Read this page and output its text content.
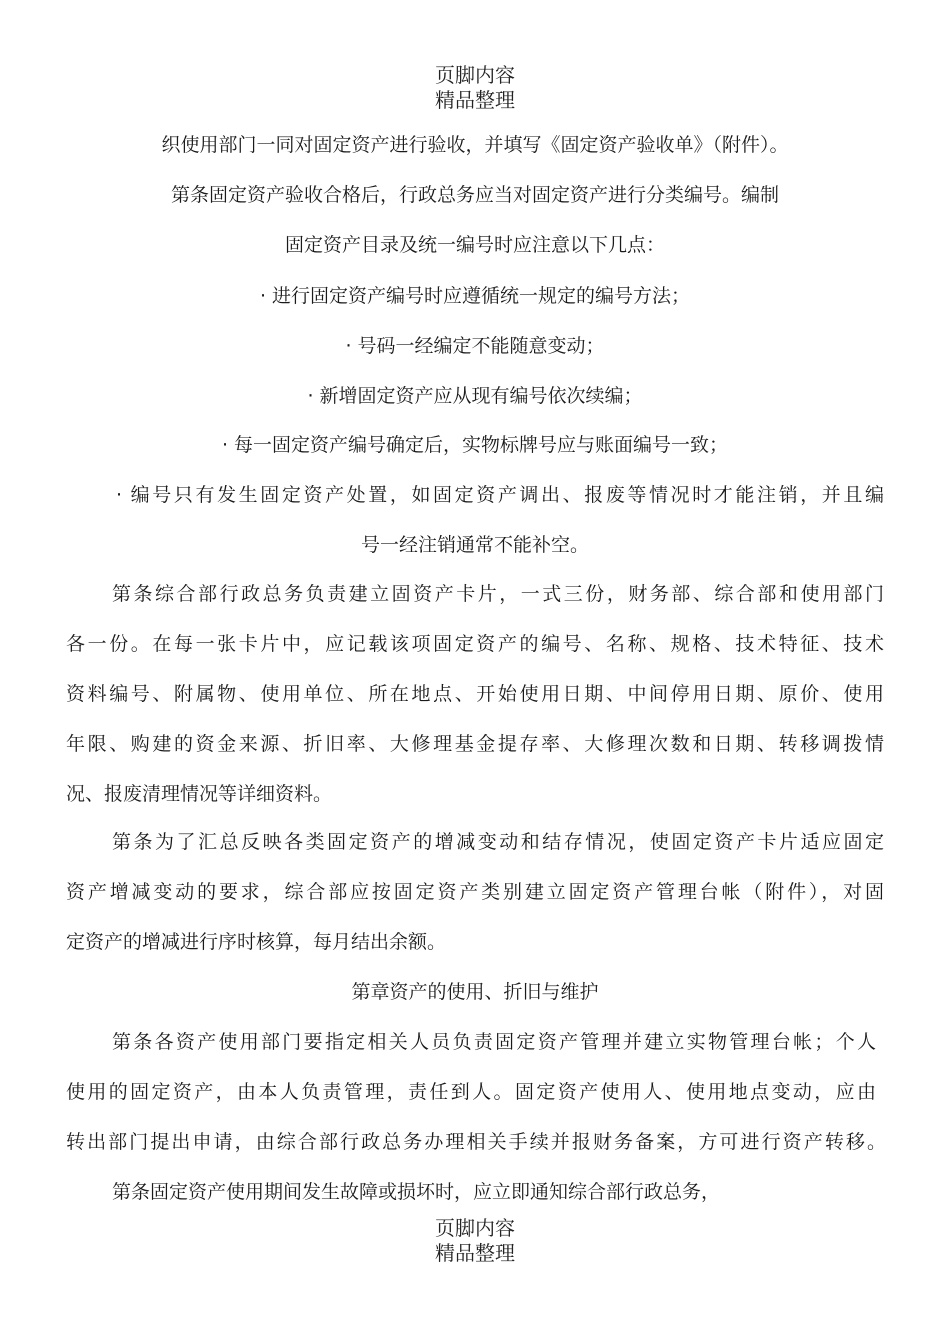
页脚内容
精品整理
织使用部门一同对固定资产进行验收，并填写《固定资产验收单》（附件）。
第条固定资产验收合格后，行政总务应当对固定资产进行分类编号。编制
固定资产目录及统一编号时应注意以下几点：
· 进行固定资产编号时应遵循统一规定的编号方法；
· 号码一经编定不能随意变动；
· 新增固定资产应从现有编号依次续编；
· 每一固定资产编号确定后，实物标牌号应与账面编号一致；
· 编号只有发生固定资产处置，如固定资产调出、报废等情况时才能注销，并且编
号一经注销通常不能补空。
第条综合部行政总务负责建立固资产卡片，一式三份，财务部、综合部和使用部门
各一份。在每一张卡片中，应记载该项固定资产的编号、名称、规格、技术特征、技术
资料编号、附属物、使用单位、所在地点、开始使用日期、中间停用日期、原价、使用
年限、购建的资金来源、折旧率、大修理基金提存率、大修理次数和日期、转移调拨情
况、报废清理情况等详细资料。
第条为了汇总反映各类固定资产的增减变动和结存情况，使固定资产卡片适应固定
资产增减变动的要求，综合部应按固定资产类别建立固定资产管理台帐（附件），对固
定资产的增减进行序时核算，每月结出余额。
第章资产的使用、折旧与维护
第条各资产使用部门要指定相关人员负责固定资产管理并建立实物管理台帐；个人
使用的固定资产，由本人负责管理，责任到人。固定资产使用人、使用地点变动，应由
转出部门提出申请，由综合部行政总务办理相关手续并报财务备案，方可进行资产转移。
第条固定资产使用期间发生故障或损坏时，应立即通知综合部行政总务，
页脚内容
精品整理
